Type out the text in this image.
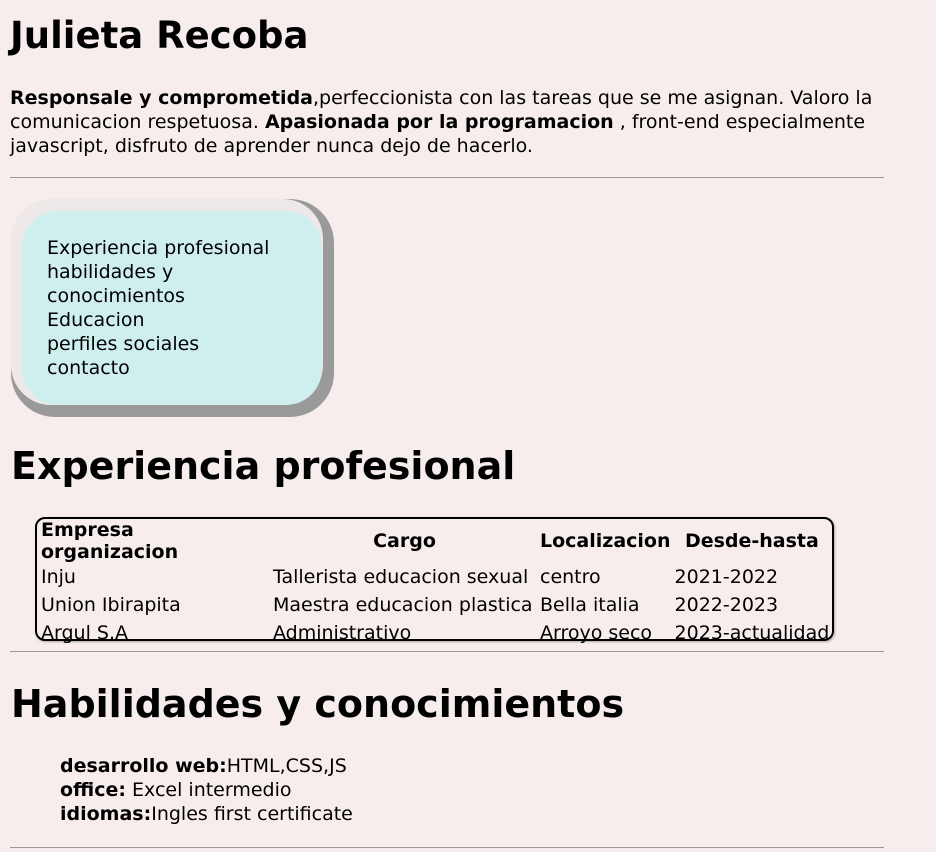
Julieta Recoba

Responsale y comprometida,perfeccionista con las tareas que se me asignan. Valoro la comunicacion respetuosa. Apasionada por la programacion , front-end especialmente javascript, disfruto de aprender nunca dejo de hacerlo.

Experiencia profesional
habilidades y conocimientos
Educacion
perfiles sociales
contacto
Experiencia profesional
Empresa organizacion	Cargo	Localizacion	Desde-hasta
Inju	Tallerista educacion sexual	centro	2021-2022
Union Ibirapita	Maestra educacion plastica	Bella italia	2022-2023
Argul S.A	Administrativo	Arroyo seco	2023-actualidad
Habilidades y conocimientos
desarrollo web:HTML,CSS,JS
office: Excel intermedio
idiomas:Ingles first certificate
